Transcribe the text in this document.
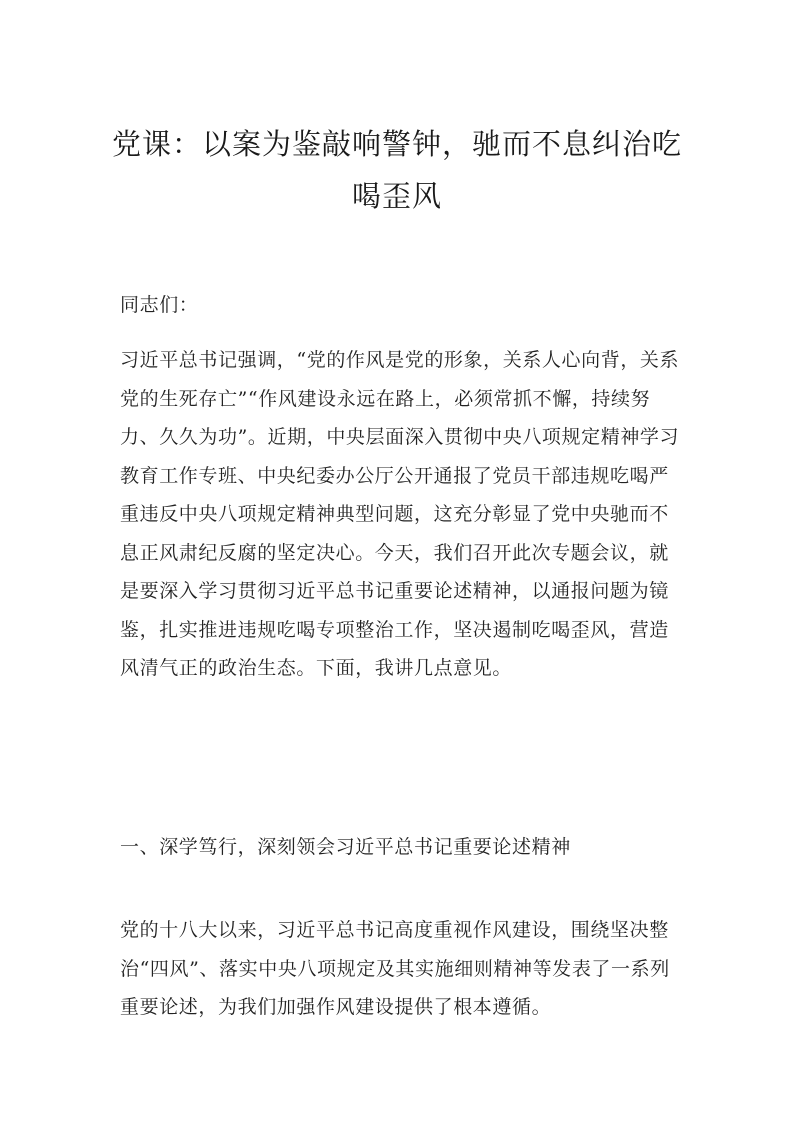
党课：以案为鉴敲响警钟，驰而不息纠治吃喝歪风
同志们：
习近平总书记强调，“党的作风是党的形象，关系人心向背，关系党的生死存亡”“作风建设永远在路上，必须常抓不懈，持续努力、久久为功”。近期，中央层面深入贯彻中央八项规定精神学习教育工作专班、中央纪委办公厅公开通报了党员干部违规吃喝严重违反中央八项规定精神典型问题，这充分彰显了党中央驰而不息正风肃纪反腐的坚定决心。今天，我们召开此次专题会议，就是要深入学习贯彻习近平总书记重要论述精神，以通报问题为镜鉴，扎实推进违规吃喝专项整治工作，坚决遏制吃喝歪风，营造风清气正的政治生态。下面，我讲几点意见。
一、深学笃行，深刻领会习近平总书记重要论述精神
党的十八大以来，习近平总书记高度重视作风建设，围绕坚决整治“四风”、落实中央八项规定及其实施细则精神等发表了一系列重要论述，为我们加强作风建设提供了根本遵循。
